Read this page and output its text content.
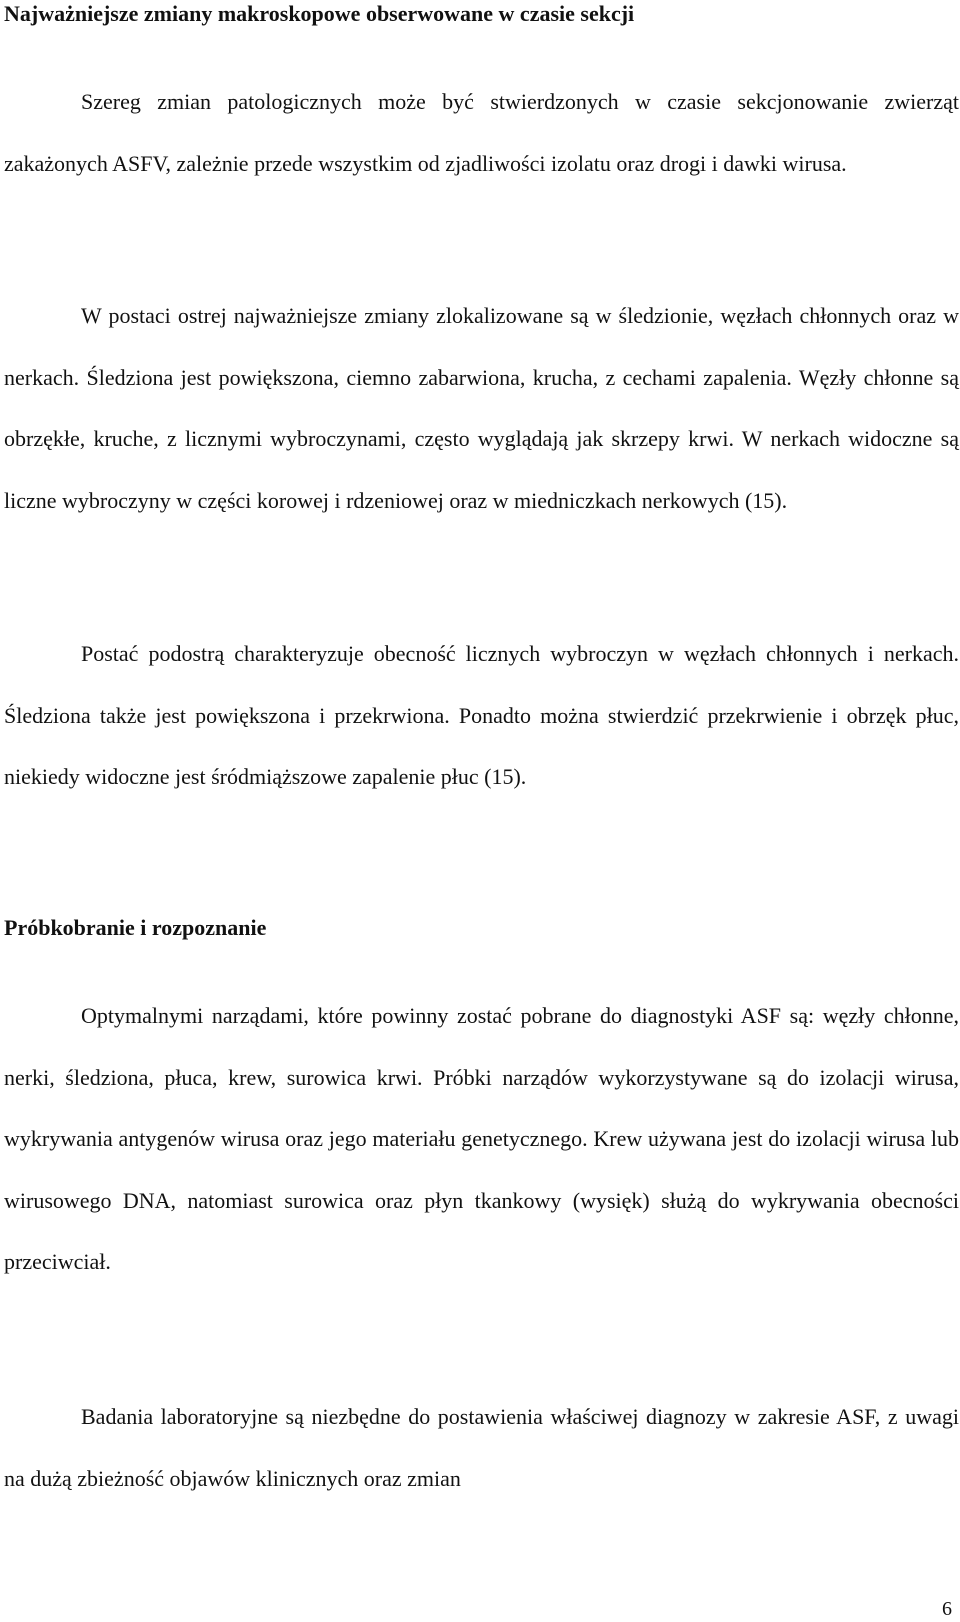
Najważniejsze zmiany makroskopowe obserwowane w czasie sekcji

Szereg zmian patologicznych może być stwierdzonych w czasie sekcjonowanie zwierząt zakażonych ASFV, zależnie przede wszystkim od zjadliwości izolatu oraz drogi i dawki wirusa.

W postaci ostrej najważniejsze zmiany zlokalizowane są w śledzionie, węzłach chłonnych oraz w nerkach. Śledziona jest powiększona, ciemno zabarwiona, krucha, z cechami zapalenia. Węzły chłonne są obrzękłe, kruche, z licznymi wybroczynami, często wyglądają jak skrzepy krwi. W nerkach widoczne są liczne wybroczyny w części korowej i rdzeniowej oraz w miedniczkach nerkowych (15).

Postać podostrą charakteryzuje obecność licznych wybroczyn w węzłach chłonnych i nerkach. Śledziona także jest powiększona i przekrwiona. Ponadto można stwierdzić przekrwienie i obrzęk płuc, niekiedy widoczne jest śródmiąższowe zapalenie płuc (15).

Próbkobranie i rozpoznanie

Optymalnymi narządami, które powinny zostać pobrane do diagnostyki ASF są: węzły chłonne, nerki, śledziona, płuca, krew, surowica krwi. Próbki narządów wykorzystywane są do izolacji wirusa, wykrywania antygenów wirusa oraz jego materiału genetycznego. Krew używana jest do izolacji wirusa lub wirusowego DNA, natomiast surowica oraz płyn tkankowy (wysięk) służą do wykrywania obecności przeciwciał.

Badania laboratoryjne są niezbędne do postawienia właściwej diagnozy w zakresie ASF, z uwagi na dużą zbieżność objawów klinicznych oraz zmian

6
